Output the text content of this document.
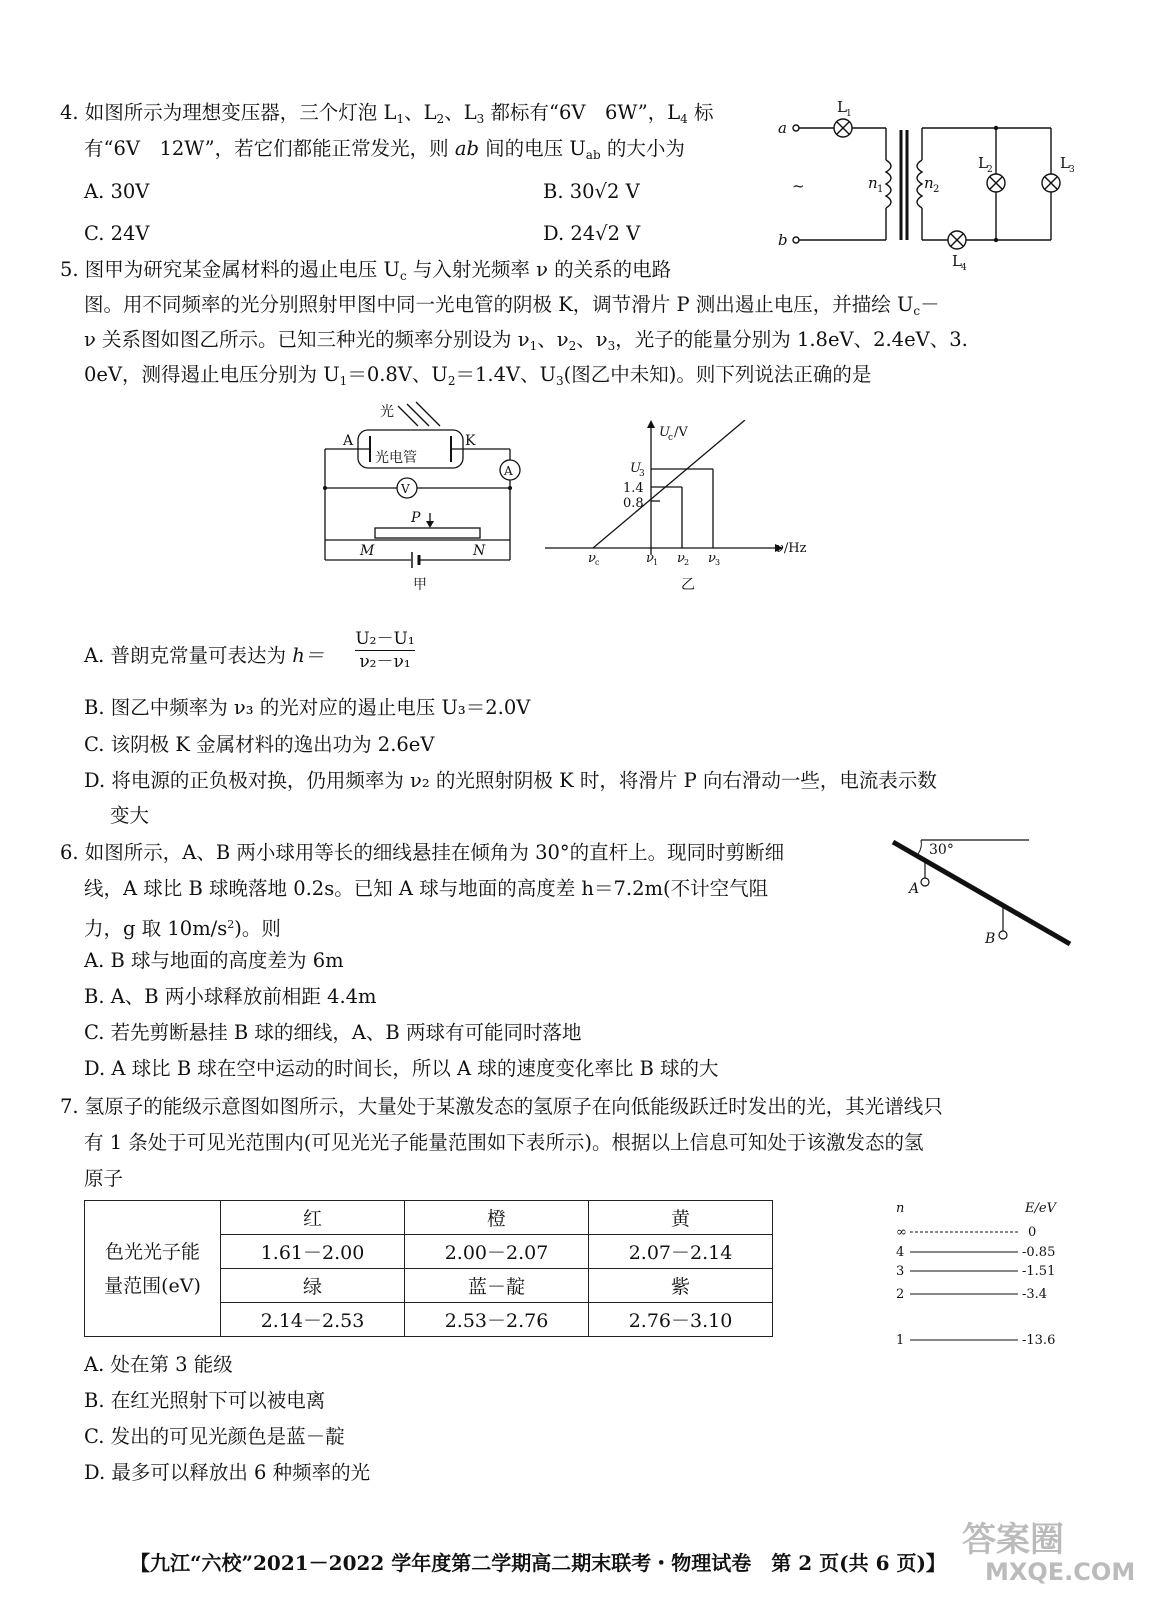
4. 如图所示为理想变压器，三个灯泡 $L_1$、$L_2$、$L_3$ 都标有“6V　6W”，$L_4$ 标
有“6V　12W”，若它们都能正常发光，则 ab 间的电压 $U_{ab}$ 的大小为
A. 30V	B. 30√2 V
C. 24V	D. 24√2 V
a
b
~	n 1	n 2
L 1
L 2	L 3
L 4
5. 图甲为研究某金属材料的遏止电压 $U_c$ 与入射光频率 ν 的关系的电路
图。用不同频率的光分别照射甲图中同一光电管的阴极 K，调节滑片 P 测出遏止电压，并描绘 $U_c-$
ν 关系图如图乙所示。已知三种光的频率分别设为 $\nu_1$、$\nu_2$、$\nu_3$，光子的能量分别为 1.8eV、2.4eV、3.
0eV，测得遏止电压分别为 $U_1=0.8V$、$U_2=1.4V$、$U_3$(图乙中未知)。则下列说法正确的是
光
A	K
光电管
A
V
P
M	N
甲
U
c /V
U
3
1.4
0.8
ν/Hz
ν c	ν 1 ν 2 ν 3
乙
A. 普朗克常量可表达为 h＝
U₂－U₁
ν₂－ν₁
B. 图乙中频率为 ν₃ 的光对应的遏止电压 U₃＝2.0V
C. 该阴极 K 金属材料的逸出功为 2.6eV
D. 将电源的正负极对换，仍用频率为 ν₂ 的光照射阴极 K 时，将滑片 P 向右滑动一些，电流表示数
变大
6. 如图所示，A、B 两小球用等长的细线悬挂在倾角为 30°的直杆上。现同时剪断细
线，A 球比 B 球晚落地 0.2s。已知 A 球与地面的高度差 h＝7.2m(不计空气阻
力，g 取 $10m/s^2$)。则
A. B 球与地面的高度差为 6m
B. A、B 两小球释放前相距 4.4m
C. 若先剪断悬挂 B 球的细线，A、B 两球有可能同时落地
D. A 球比 B 球在空中运动的时间长，所以 A 球的速度变化率比 B 球的大
30°
A
B
7. 氢原子的能级示意图如图所示，大量处于某激发态的氢原子在向低能级跃迁时发出的光，其光谱线只
有 1 条处于可见光范围内(可见光光子能量范围如下表所示)。根据以上信息可知处于该激发态的氢
原子
色光光子能
量范围(eV)	红	橙	黄
	1.61－2.00	2.00－2.07	2.07－2.14
	绿	蓝－靛	紫
	2.14－2.53	2.53－2.76	2.76－3.10
n	E/eV
∞	0
4	-0.85
3	-1.51
2	-3.4
1	-13.6
A. 处在第 3 能级
B. 在红光照射下可以被电离
C. 发出的可见光颜色是蓝－靛
D. 最多可以释放出 6 种频率的光
【九江“六校”2021－2022 学年度第二学期高二期末联考・物理试卷　第 2 页(共 6 页)】
答案圈
MXQE.COM
